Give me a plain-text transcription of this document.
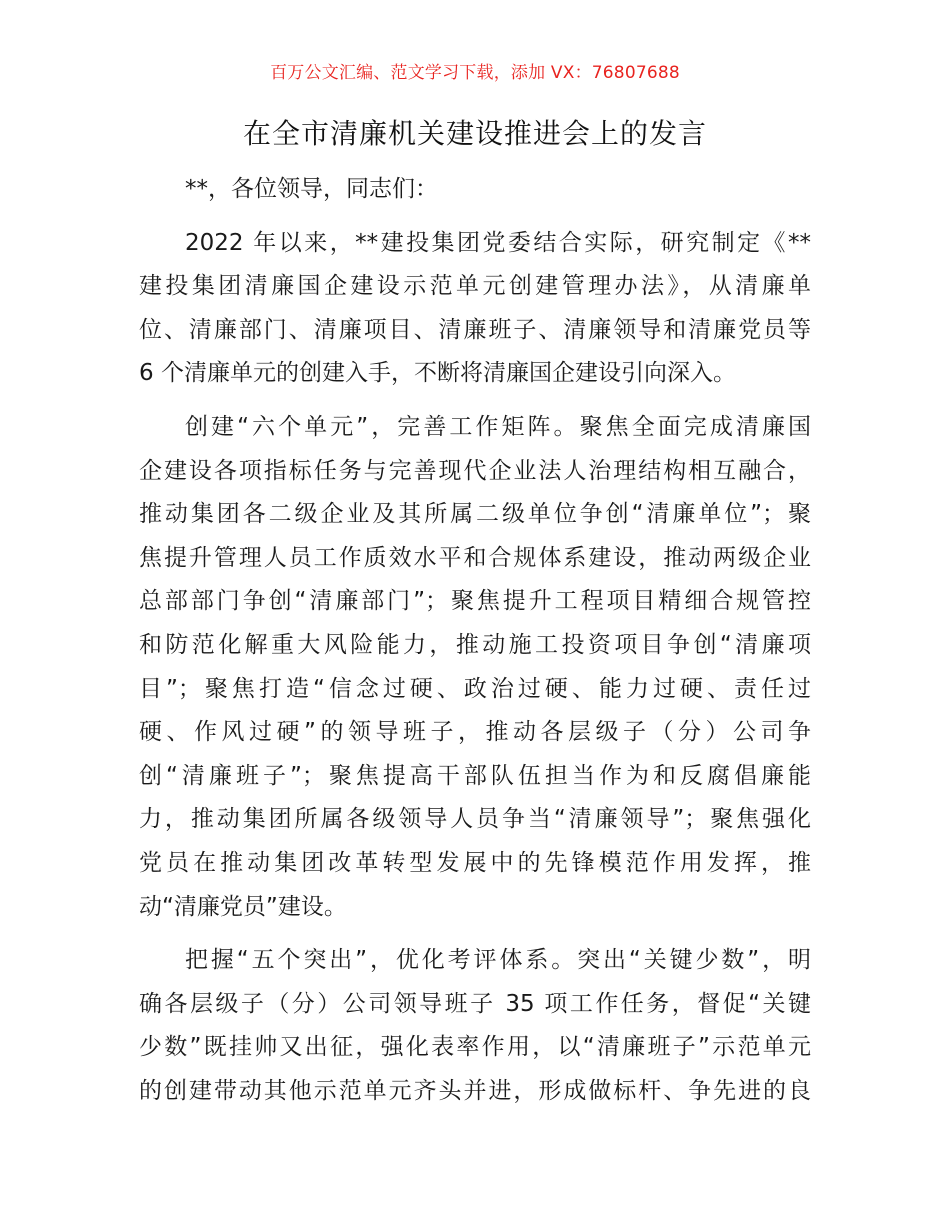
百万公文汇编、范文学习下载，添加 VX：76807688
在全市清廉机关建设推进会上的发言
**，各位领导，同志们：
2022 年以来，**建投集团党委结合实际，研究制定《**
建投集团清廉国企建设示范单元创建管理办法》，从清廉单
位、清廉部门、清廉项目、清廉班子、清廉领导和清廉党员等
6 个清廉单元的创建入手，不断将清廉国企建设引向深入。
创建“六个单元”，完善工作矩阵。聚焦全面完成清廉国
企建设各项指标任务与完善现代企业法人治理结构相互融合，
推动集团各二级企业及其所属二级单位争创“清廉单位”；聚
焦提升管理人员工作质效水平和合规体系建设，推动两级企业
总部部门争创“清廉部门”；聚焦提升工程项目精细合规管控
和防范化解重大风险能力，推动施工投资项目争创“清廉项
目”；聚焦打造“信念过硬、政治过硬、能力过硬、责任过
硬、作风过硬”的领导班子，推动各层级子（分）公司争
创“清廉班子”；聚焦提高干部队伍担当作为和反腐倡廉能
力，推动集团所属各级领导人员争当“清廉领导”；聚焦强化
党员在推动集团改革转型发展中的先锋模范作用发挥，推
动“清廉党员”建设。
把握“五个突出”，优化考评体系。突出“关键少数”，明
确各层级子（分）公司领导班子 35 项工作任务，督促“关键
少数”既挂帅又出征，强化表率作用，以“清廉班子”示范单元
的创建带动其他示范单元齐头并进，形成做标杆、争先进的良
